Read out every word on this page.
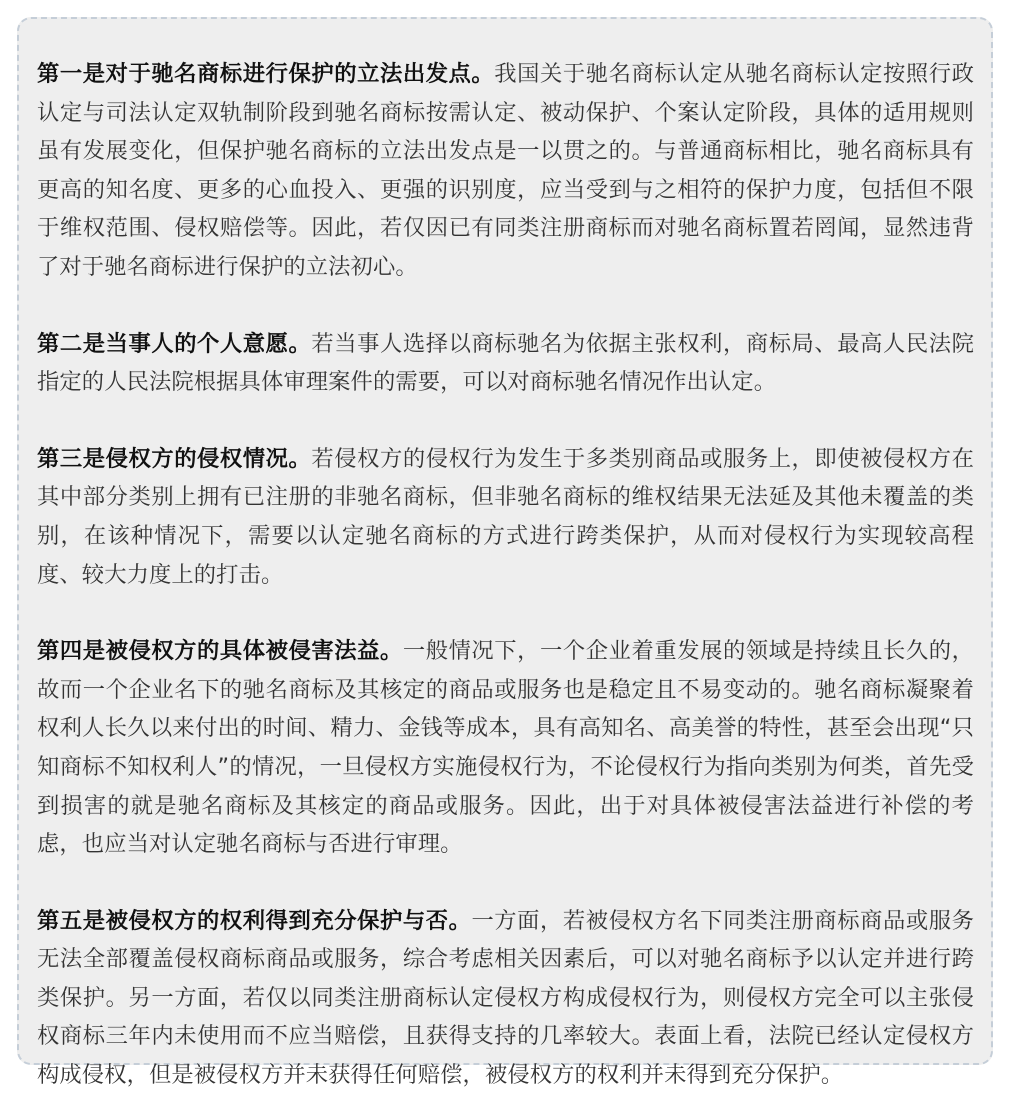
第一是对于驰名商标进行保护的立法出发点。我国关于驰名商标认定从驰名商标认定按照行政认定与司法认定双轨制阶段到驰名商标按需认定、被动保护、个案认定阶段，具体的适用规则虽有发展变化，但保护驰名商标的立法出发点是一以贯之的。与普通商标相比，驰名商标具有更高的知名度、更多的心血投入、更强的识别度，应当受到与之相符的保护力度，包括但不限于维权范围、侵权赔偿等。因此，若仅因已有同类注册商标而对驰名商标置若罔闻，显然违背了对于驰名商标进行保护的立法初心。

第二是当事人的个人意愿。若当事人选择以商标驰名为依据主张权利，商标局、最高人民法院指定的人民法院根据具体审理案件的需要，可以对商标驰名情况作出认定。

第三是侵权方的侵权情况。若侵权方的侵权行为发生于多类别商品或服务上，即使被侵权方在其中部分类别上拥有已注册的非驰名商标，但非驰名商标的维权结果无法延及其他未覆盖的类别，在该种情况下，需要以认定驰名商标的方式进行跨类保护，从而对侵权行为实现较高程度、较大力度上的打击。

第四是被侵权方的具体被侵害法益。一般情况下，一个企业着重发展的领域是持续且长久的，故而一个企业名下的驰名商标及其核定的商品或服务也是稳定且不易变动的。驰名商标凝聚着权利人长久以来付出的时间、精力、金钱等成本，具有高知名、高美誉的特性，甚至会出现“只知商标不知权利人”的情况，一旦侵权方实施侵权行为，不论侵权行为指向类别为何类，首先受到损害的就是驰名商标及其核定的商品或服务。因此，出于对具体被侵害法益进行补偿的考虑，也应当对认定驰名商标与否进行审理。

第五是被侵权方的权利得到充分保护与否。一方面，若被侵权方名下同类注册商标商品或服务无法全部覆盖侵权商标商品或服务，综合考虑相关因素后，可以对驰名商标予以认定并进行跨类保护。另一方面，若仅以同类注册商标认定侵权方构成侵权行为，则侵权方完全可以主张侵权商标三年内未使用而不应当赔偿，且获得支持的几率较大。表面上看，法院已经认定侵权方构成侵权，但是被侵权方并未获得任何赔偿，被侵权方的权利并未得到充分保护。
